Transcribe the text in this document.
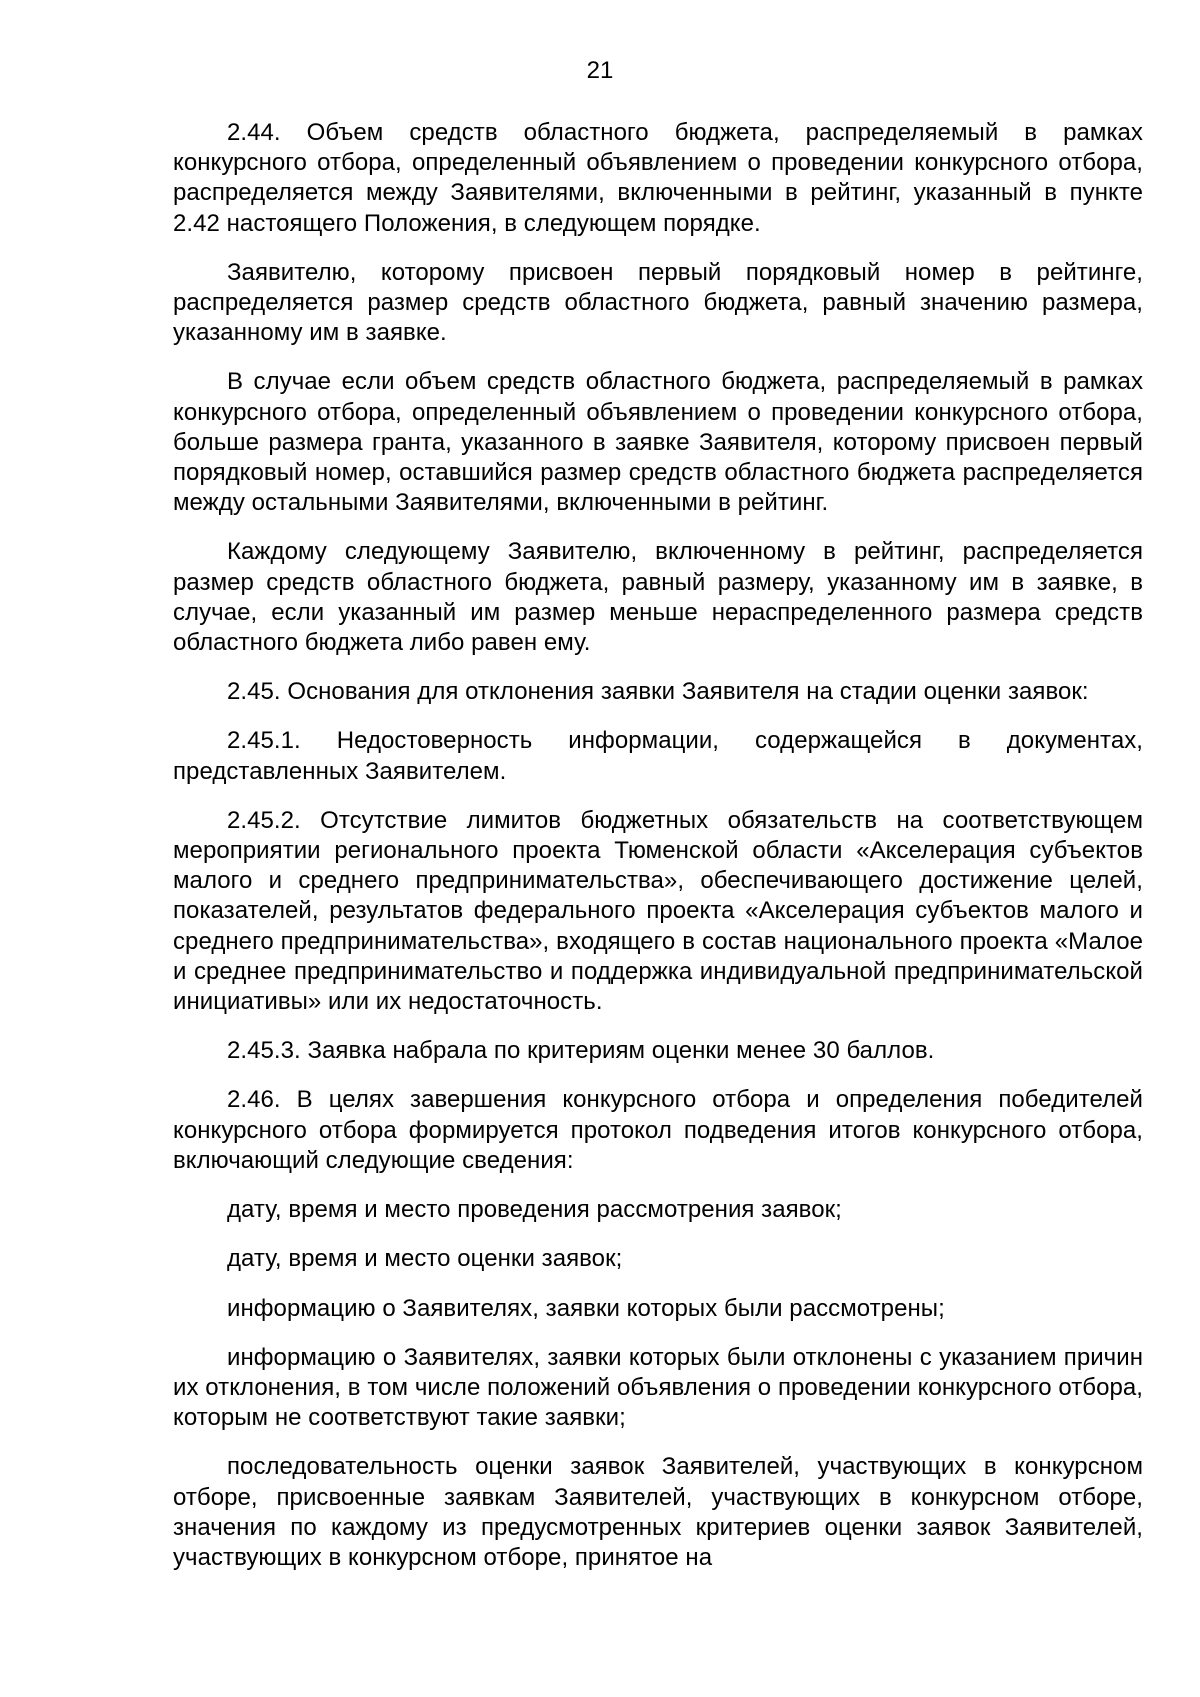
21

2.44. Объем средств областного бюджета, распределяемый в рамках конкурсного отбора, определенный объявлением о проведении конкурсного отбора, распределяется между Заявителями, включенными в рейтинг, указанный в пункте 2.42 настоящего Положения, в следующем порядке.

Заявителю, которому присвоен первый порядковый номер в рейтинге, распределяется размер средств областного бюджета, равный значению размера, указанному им в заявке.

В случае если объем средств областного бюджета, распределяемый в рамках конкурсного отбора, определенный объявлением о проведении конкурсного отбора, больше размера гранта, указанного в заявке Заявителя, которому присвоен первый порядковый номер, оставшийся размер средств областного бюджета распределяется между остальными Заявителями, включенными в рейтинг.

Каждому следующему Заявителю, включенному в рейтинг, распределяется размер средств областного бюджета, равный размеру, указанному им в заявке, в случае, если указанный им размер меньше нераспределенного размера средств областного бюджета либо равен ему.

2.45. Основания для отклонения заявки Заявителя на стадии оценки заявок:

2.45.1. Недостоверность информации, содержащейся в документах, представленных Заявителем.

2.45.2. Отсутствие лимитов бюджетных обязательств на соответствующем мероприятии регионального проекта Тюменской области «Акселерация субъектов малого и среднего предпринимательства», обеспечивающего достижение целей, показателей, результатов федерального проекта «Акселерация субъектов малого и среднего предпринимательства», входящего в состав национального проекта «Малое и среднее предпринимательство и поддержка индивидуальной предпринимательской инициативы» или их недостаточность.

2.45.3. Заявка набрала по критериям оценки менее 30 баллов.

2.46. В целях завершения конкурсного отбора и определения победителей конкурсного отбора формируется протокол подведения итогов конкурсного отбора, включающий следующие сведения:

дату, время и место проведения рассмотрения заявок;

дату, время и место оценки заявок;

информацию о Заявителях, заявки которых были рассмотрены;

информацию о Заявителях, заявки которых были отклонены с указанием причин их отклонения, в том числе положений объявления о проведении конкурсного отбора, которым не соответствуют такие заявки;

последовательность оценки заявок Заявителей, участвующих в конкурсном отборе, присвоенные заявкам Заявителей, участвующих в конкурсном отборе, значения по каждому из предусмотренных критериев оценки заявок Заявителей, участвующих в конкурсном отборе, принятое на
